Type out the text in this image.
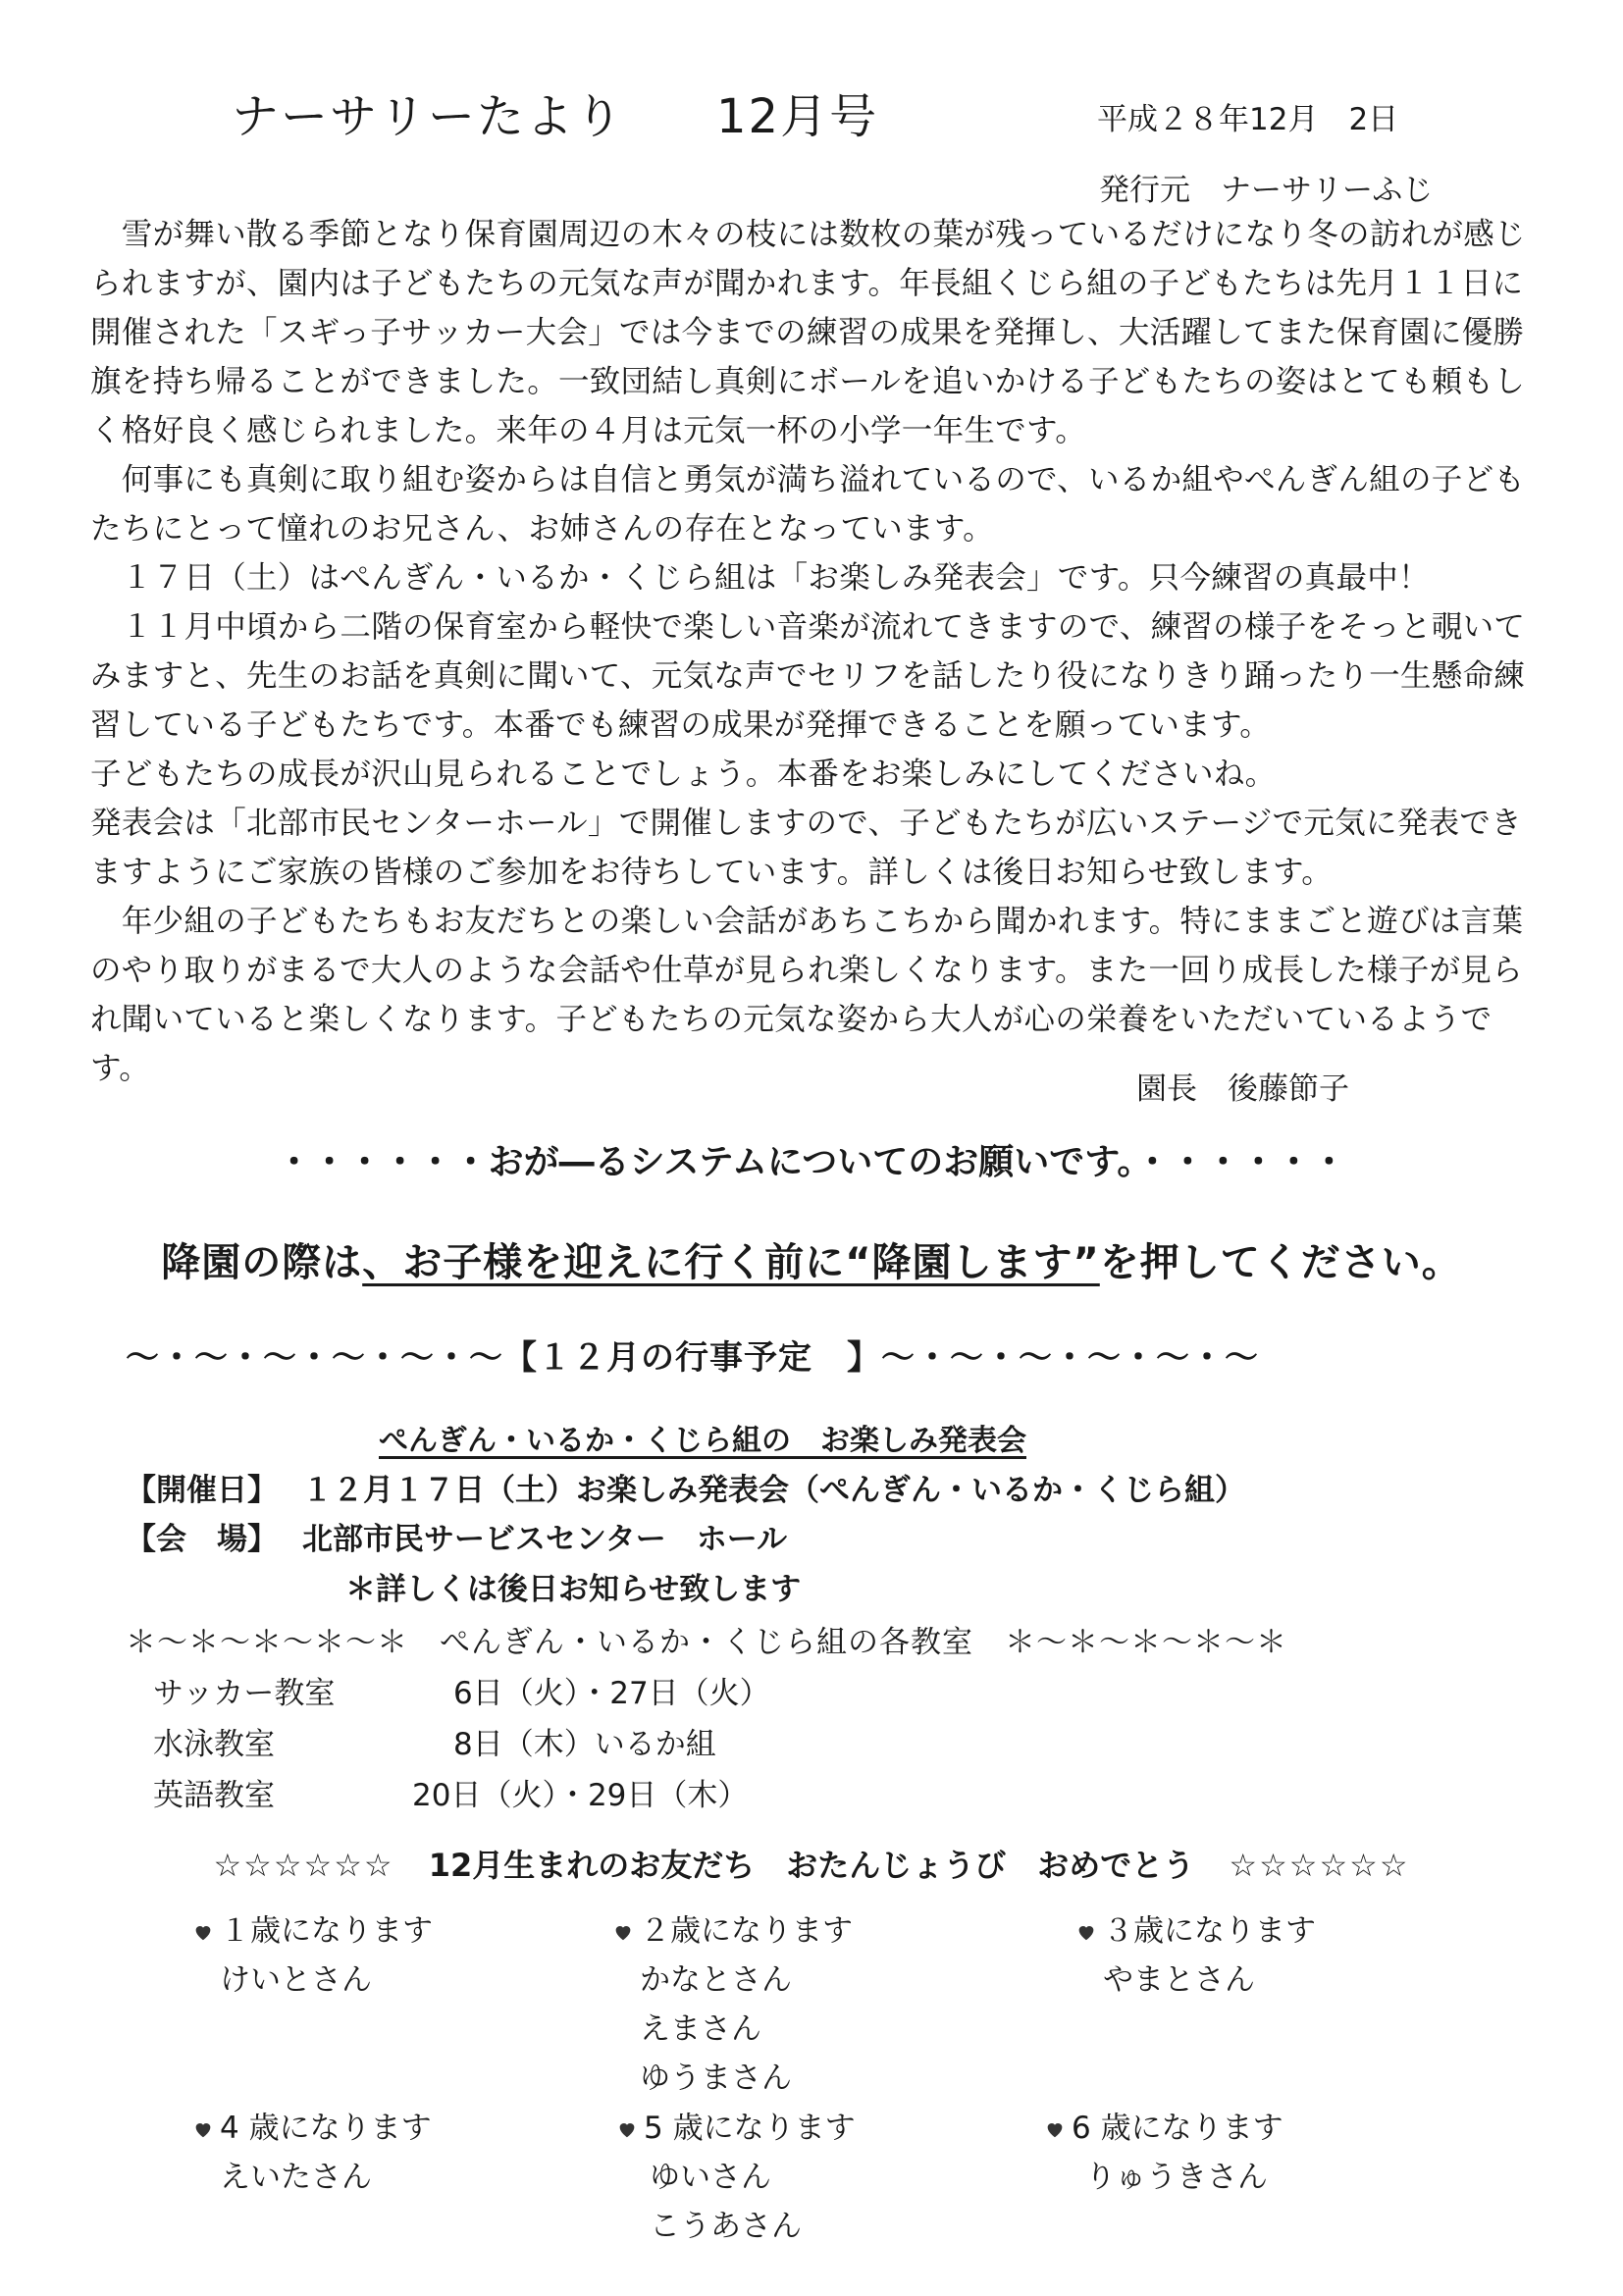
ナーサリーたより 12月号	平成２８年12月　2日
発行元　ナーサリーふじ

　雪が舞い散る季節となり保育園周辺の木々の枝には数枚の葉が残っているだけになり冬の訪れが感じられますが、園内は子どもたちの元気な声が聞かれます。年長組くじら組の子どもたちは先月１１日に開催された「スギっ子サッカー大会」では今までの練習の成果を発揮し、大活躍してまた保育園に優勝旗を持ち帰ることができました。一致団結し真剣にボールを追いかける子どもたちの姿はとても頼もしく格好良く感じられました。来年の４月は元気一杯の小学一年生です。

　何事にも真剣に取り組む姿からは自信と勇気が満ち溢れているので、いるか組やぺんぎん組の子どもたちにとって憧れのお兄さん、お姉さんの存在となっています。

　１７日（土）はぺんぎん・いるか・くじら組は「お楽しみ発表会」です。只今練習の真最中！

　１１月中頃から二階の保育室から軽快で楽しい音楽が流れてきますので、練習の様子をそっと覗いてみますと、先生のお話を真剣に聞いて、元気な声でセリフを話したり役になりきり踊ったり一生懸命練習している子どもたちです。本番でも練習の成果が発揮できることを願っています。

子どもたちの成長が沢山見られることでしょう。本番をお楽しみにしてくださいね。

発表会は「北部市民センターホール」で開催しますので、子どもたちが広いステージで元気に発表できますようにご家族の皆様のご参加をお待ちしています。詳しくは後日お知らせ致します。

　年少組の子どもたちもお友だちとの楽しい会話があちこちから聞かれます。特にままごと遊びは言葉のやり取りがまるで大人のような会話や仕草が見られ楽しくなります。また一回り成長した様子が見られ聞いていると楽しくなります。子どもたちの元気な姿から大人が心の栄養をいただいているようです。

園長　後藤節子
・・・・・・おが―るシステムについてのお願いです。・・・・・・
降園の際は、お子様を迎えに行く前に“降園します”を押してください。
～・～・～・～・～・～【１２月の行事予定　】～・～・～・～・～・～
ぺんぎん・いるか・くじら組の　お楽しみ発表会
【開催日】 １２月１７日（土）お楽しみ発表会（ぺんぎん・いるか・くじら組）
【会　場】 北部市民サービスセンター　ホール
＊詳しくは後日お知らせ致します
＊～＊～＊～＊～＊　ぺんぎん・いるか・くじら組の各教室　＊～＊～＊～＊～＊
サッカー教室	6日（火）・27日（火）
水泳教室	8日（木）いるか組
英語教室	20日（火）・29日（木）
☆☆☆☆☆☆ 12月生まれのお友だち　おたんじょうび　おめでとう ☆☆☆☆☆☆
１歳になります
けいとさん
２歳になります
かなとさん
えまさん
ゆうまさん
３歳になります
やまとさん
4 歳になります
えいたさん
5 歳になります
ゆいさん
こうあさん
6 歳になります
りゅうきさん
